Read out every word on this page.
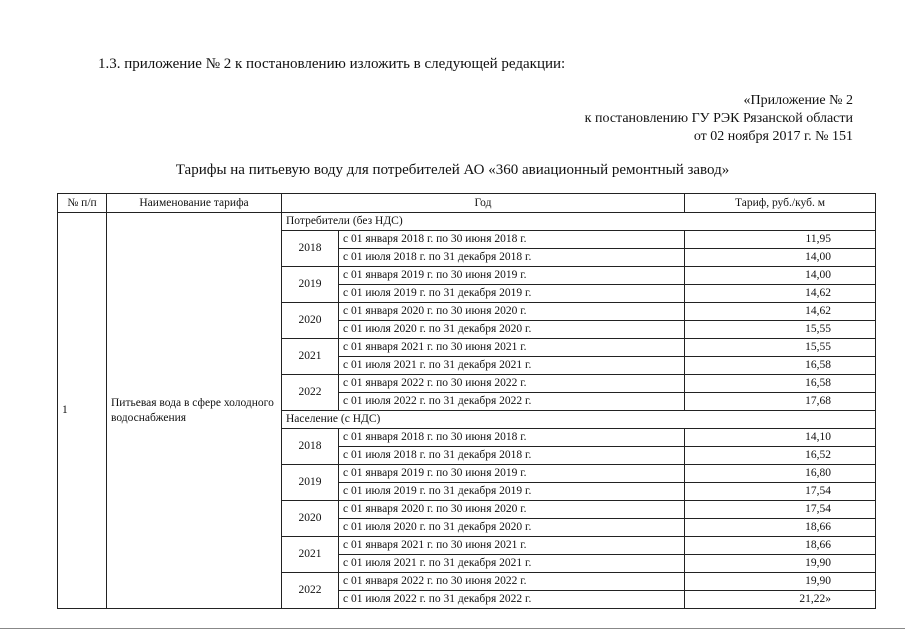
1.3. приложение № 2 к постановлению изложить в следующей редакции:
«Приложение № 2
к постановлению ГУ РЭК Рязанской области
от 02 ноября 2017 г. № 151
Тарифы на питьевую воду для потребителей АО «360 авиационный ремонтный завод»
№ п/п	Наименование тарифа	Год		Тариф, руб./куб. м
1	Питьевая вода в сфере холодного водоснабжения	Потребители (без НДС)		
		2018	с 01 января 2018 г. по 30 июня 2018 г.	11,95
			с 01 июля 2018 г. по 31 декабря 2018 г.	14,00
		2019	с 01 января 2019 г. по 30 июня 2019 г.	14,00
			с 01 июля 2019 г. по 31 декабря 2019 г.	14,62
		2020	с 01 января 2020 г. по 30 июня 2020 г.	14,62
			с 01 июля 2020 г. по 31 декабря 2020 г.	15,55
		2021	с 01 января 2021 г. по 30 июня 2021 г.	15,55
			с 01 июля 2021 г. по 31 декабря 2021 г.	16,58
		2022	с 01 января 2022 г. по 30 июня 2022 г.	16,58
			с 01 июля 2022 г. по 31 декабря 2022 г.	17,68
		Население (с НДС)		
		2018	с 01 января 2018 г. по 30 июня 2018 г.	14,10
			с 01 июля 2018 г. по 31 декабря 2018 г.	16,52
		2019	с 01 января 2019 г. по 30 июня 2019 г.	16,80
			с 01 июля 2019 г. по 31 декабря 2019 г.	17,54
		2020	с 01 января 2020 г. по 30 июня 2020 г.	17,54
			с 01 июля 2020 г. по 31 декабря 2020 г.	18,66
		2021	с 01 января 2021 г. по 30 июня 2021 г.	18,66
			с 01 июля 2021 г. по 31 декабря 2021 г.	19,90
		2022	с 01 января 2022 г. по 30 июня 2022 г.	19,90
			с 01 июля 2022 г. по 31 декабря 2022 г.	21,22»
